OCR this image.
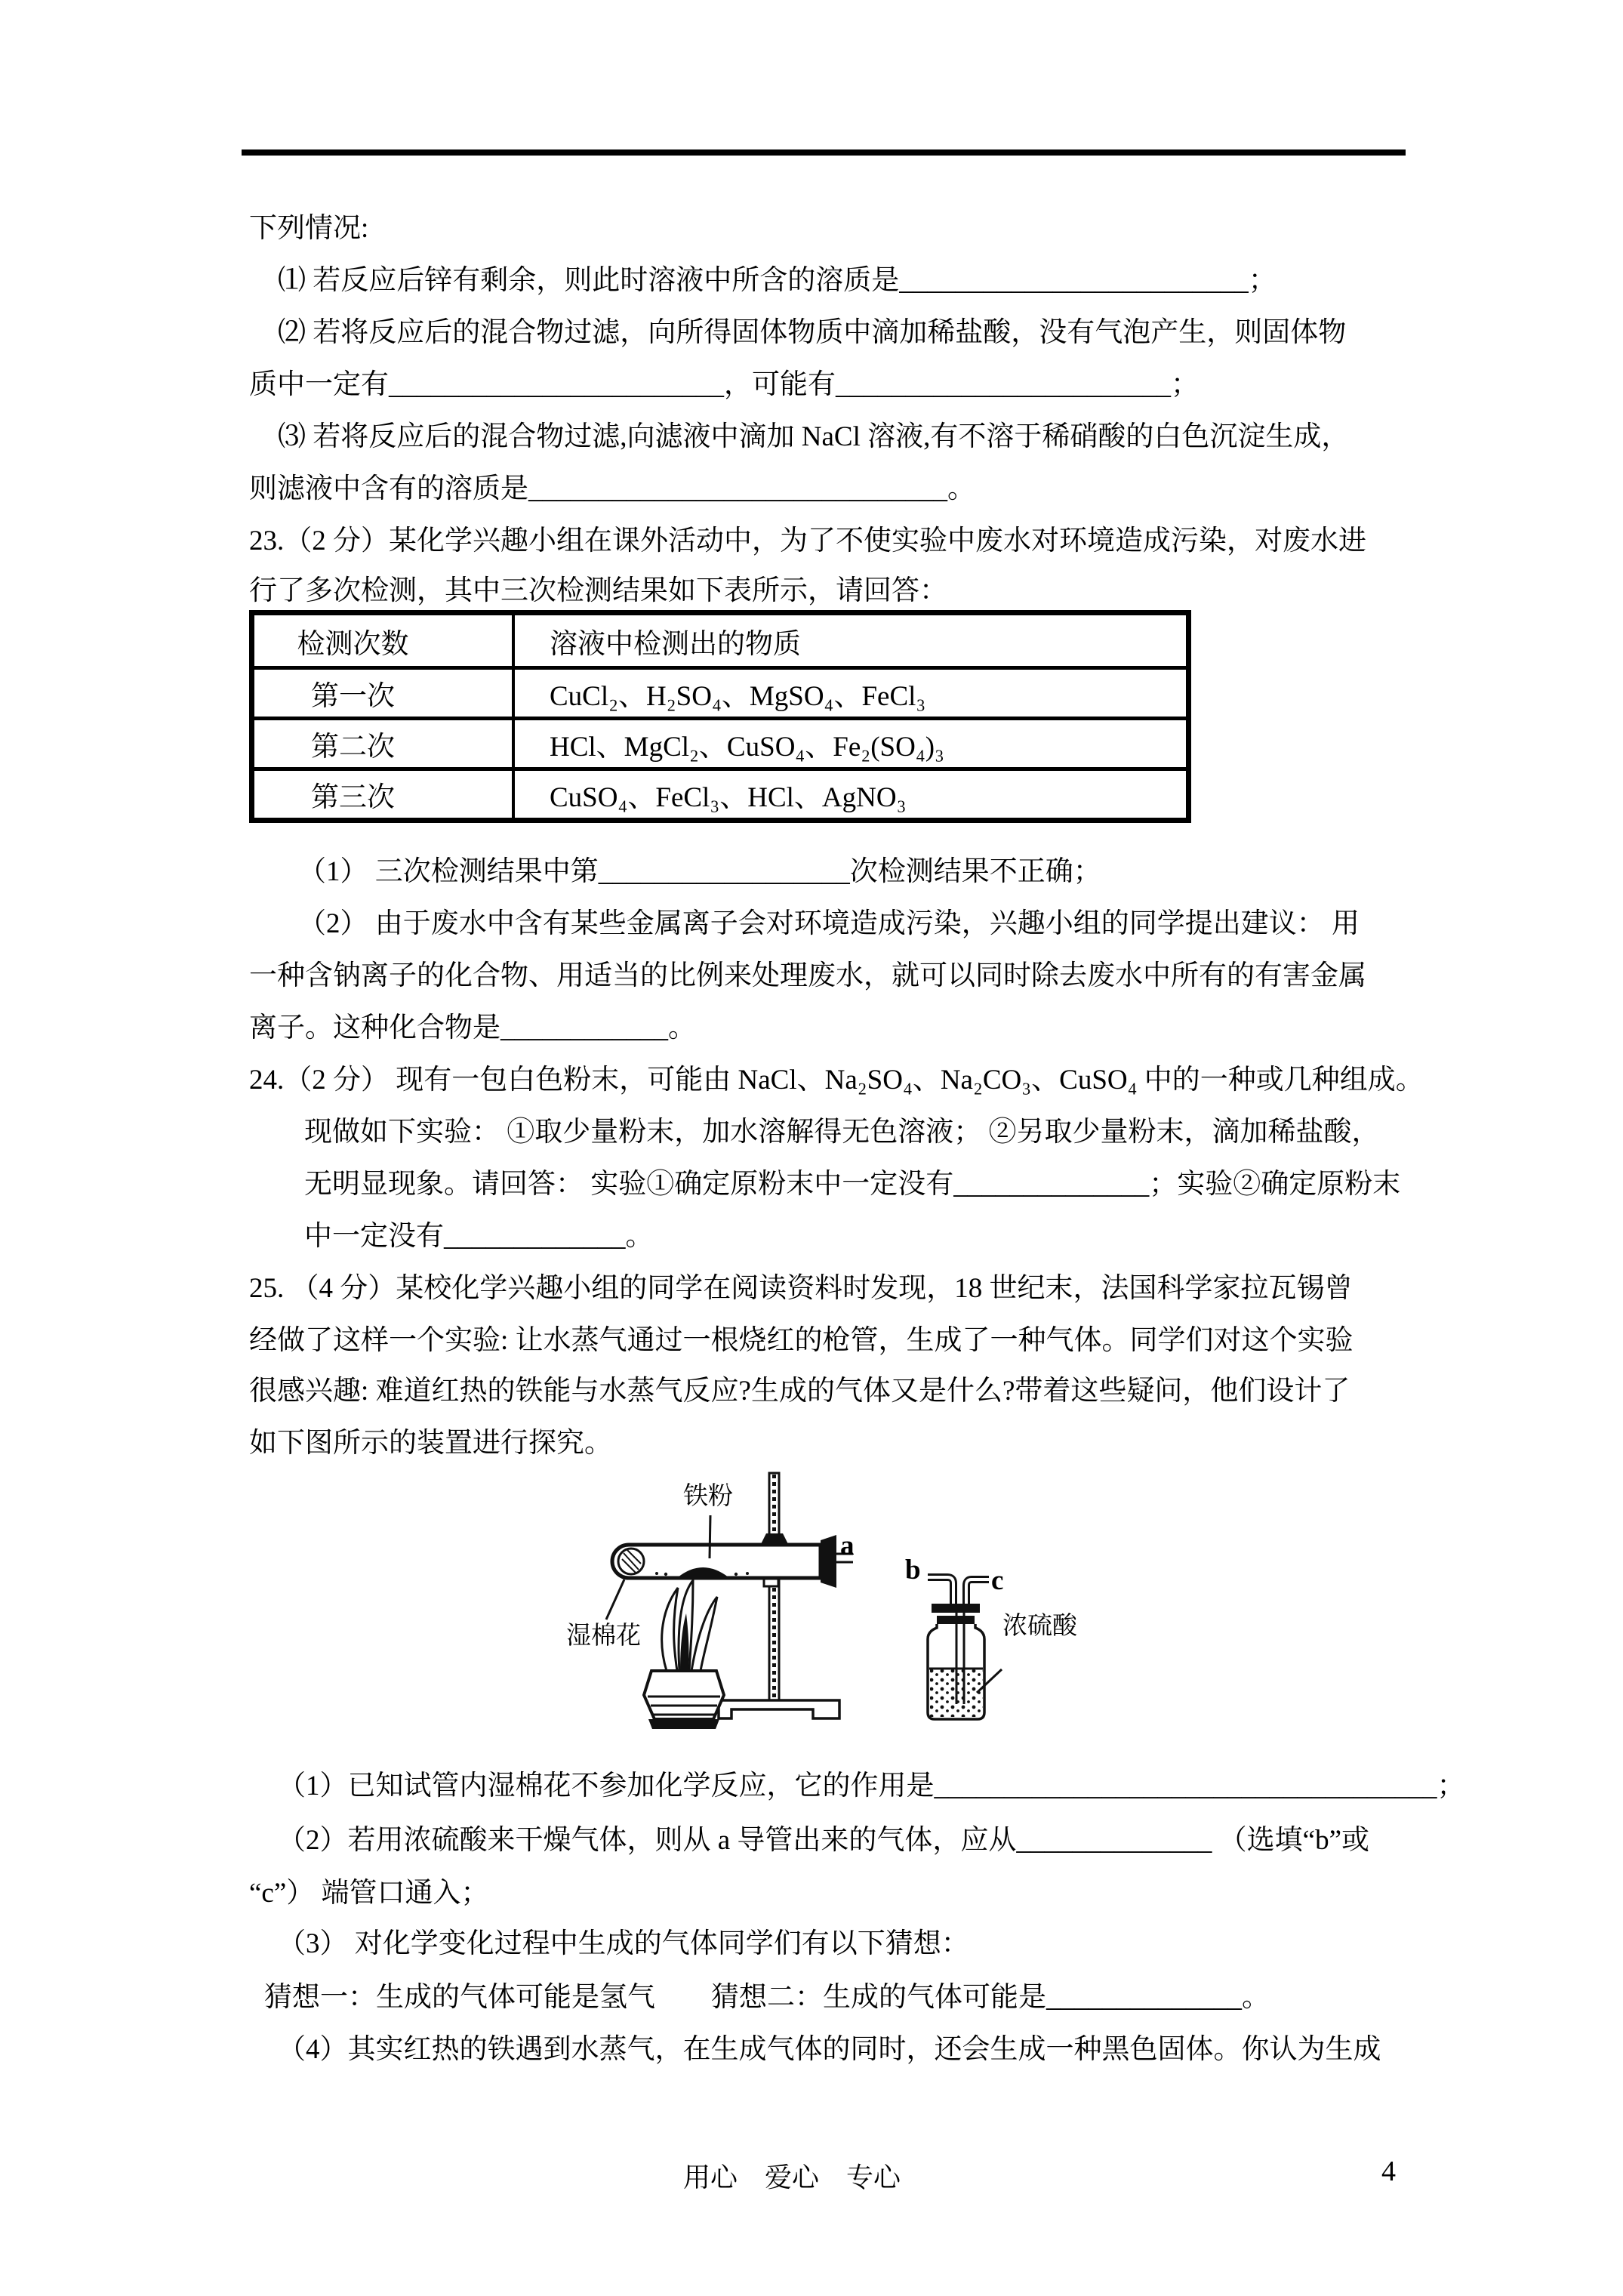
下列情况:
⑴ 若反应后锌有剩余，则此时溶液中所含的溶质是_________________________；
⑵ 若将反应后的混合物过滤，向所得固体物质中滴加稀盐酸，没有气泡产生，则固体物
质中一定有________________________，可能有________________________；
⑶ 若将反应后的混合物过滤,向滤液中滴加 NaCl 溶液,有不溶于稀硝酸的白色沉淀生成，
则滤液中含有的溶质是______________________________。
23.（2 分）某化学兴趣小组在课外活动中，为了不使实验中废水对环境造成污染，对废水进
行了多次检测，其中三次检测结果如下表所示，请回答：
检测次数	溶液中检测出的物质
第一次	CuCl₂、H₂SO₄、MgSO₄、FeCl₃
第二次	HCl、MgCl₂、CuSO₄、Fe₂(SO₄)₃
第三次	CuSO₄、FeCl₃、HCl、AgNO₃
（1） 三次检测结果中第__________________次检测结果不正确；
（2） 由于废水中含有某些金属离子会对环境造成污染，兴趣小组的同学提出建议： 用
一种含钠离子的化合物、用适当的比例来处理废水，就可以同时除去废水中所有的有害金属
离子。这种化合物是____________。
24.（2 分） 现有一包白色粉末，可能由 NaCl、Na₂SO₄、Na₂CO₃、CuSO₄ 中的一种或几种组成。
现做如下实验： ①取少量粉末，加水溶解得无色溶液； ②另取少量粉末，滴加稀盐酸，
无明显现象。请回答： 实验①确定原粉末中一定没有______________；实验②确定原粉末
中一定没有_____________。
25. （4 分）某校化学兴趣小组的同学在阅读资料时发现，18 世纪末，法国科学家拉瓦锡曾
经做了这样一个实验: 让水蒸气通过一根烧红的枪管，生成了一种气体。同学们对这个实验
很感兴趣: 难道红热的铁能与水蒸气反应?生成的气体又是什么?带着这些疑问，他们设计了
如下图所示的装置进行探究。
铁粉
湿棉花
a
b	c
浓硫酸
（1）已知试管内湿棉花不参加化学反应，它的作用是____________________________________；
（2）若用浓硫酸来干燥气体，则从 a 导管出来的气体，应从______________ （选填“b”或
“c”） 端管口通入；
（3） 对化学变化过程中生成的气体同学们有以下猜想：
猜想一：生成的气体可能是氢气　　猜想二：生成的气体可能是______________。
（4）其实红热的铁遇到水蒸气，在生成气体的同时，还会生成一种黑色固体。你认为生成
用心　爱心　专心	4
